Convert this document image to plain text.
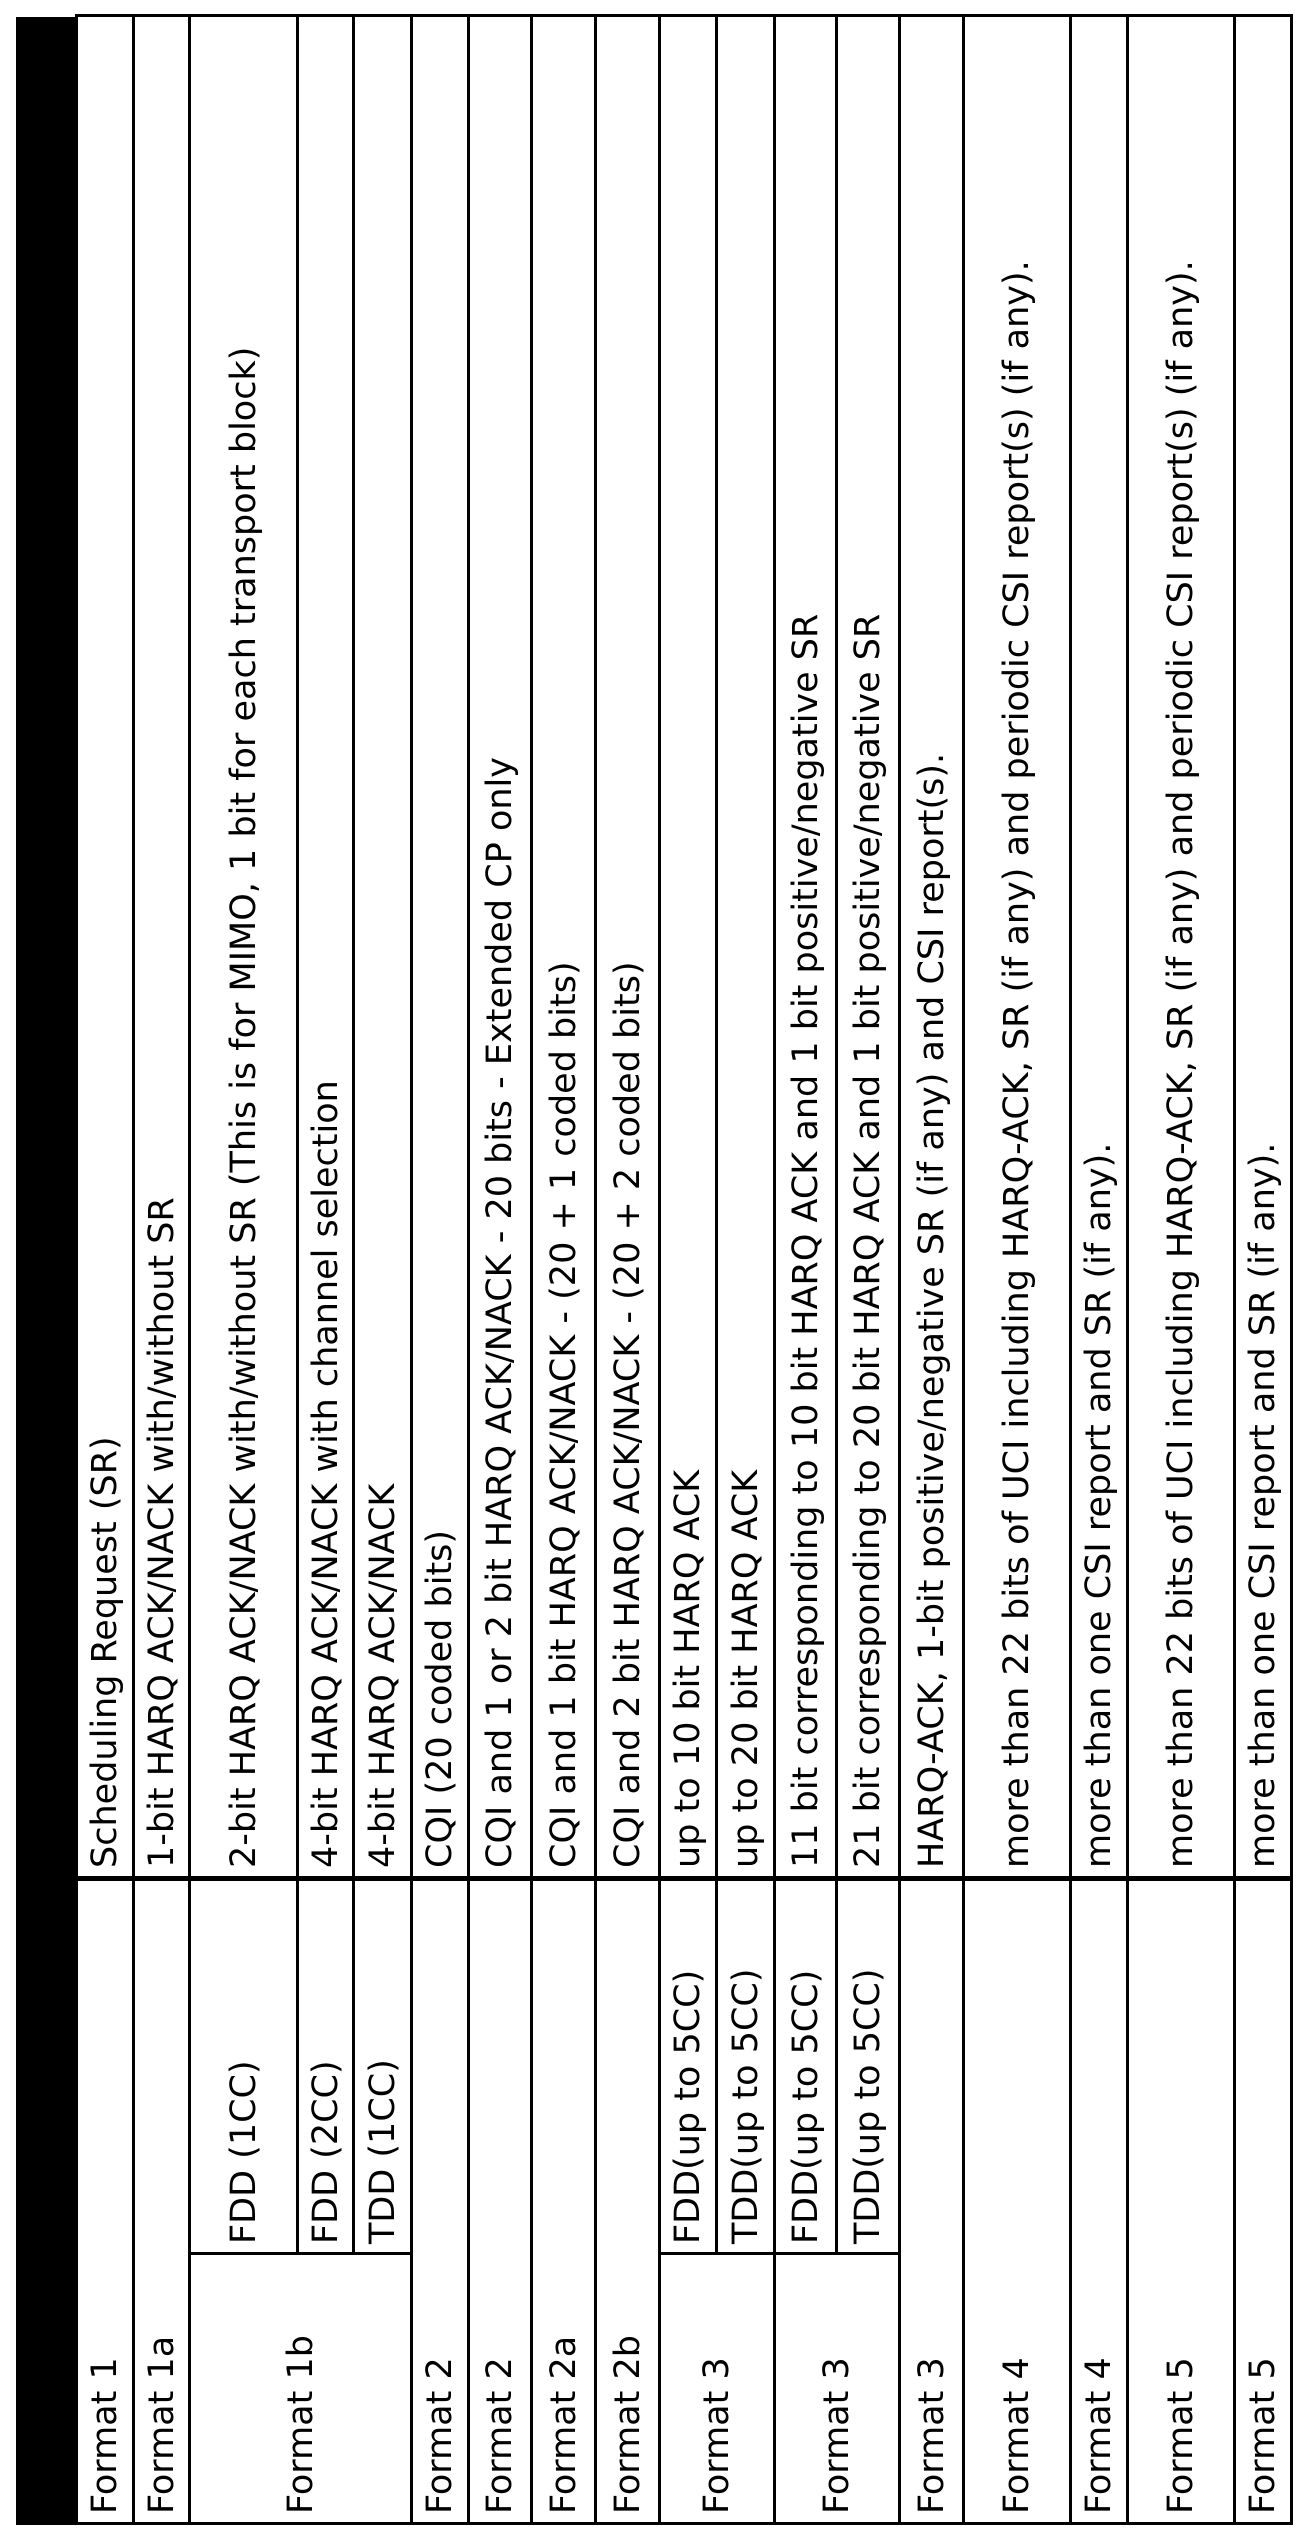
Format 1	Scheduling Request (SR)
Format 1a	1-bit HARQ ACK/NACK with/without SR
Format 1b	FDD (1CC)	2-bit HARQ ACK/NACK with/without SR (This is for MIMO, 1 bit for each transport block)
FDD (2CC)	4-bit HARQ ACK/NACK with channel selection
TDD (1CC)	4-bit HARQ ACK/NACK
Format 2	CQI (20 coded bits)
Format 2	CQI and 1 or 2 bit HARQ ACK/NACK - 20 bits - Extended CP only
Format 2a	CQI and 1 bit HARQ ACK/NACK - (20 + 1 coded bits)
Format 2b	CQI and 2 bit HARQ ACK/NACK - (20 + 2 coded bits)
Format 3	FDD(up to 5CC)	up to 10 bit HARQ ACK
TDD(up to 5CC)	up to 20 bit HARQ ACK
Format 3	FDD(up to 5CC)	11 bit corresponding to 10 bit HARQ ACK and 1 bit positive/negative SR
TDD(up to 5CC)	21 bit corresponding to 20 bit HARQ ACK and 1 bit positive/negative SR
Format 3	HARQ-ACK, 1-bit positive/negative SR (if any) and CSI report(s).
Format 4	more than 22 bits of UCI including HARQ-ACK, SR (if any) and periodic CSI report(s) (if any).
Format 4	more than one CSI report and SR (if any).
Format 5	more than 22 bits of UCI including HARQ-ACK, SR (if any) and periodic CSI report(s) (if any).
Format 5	more than one CSI report and SR (if any).
